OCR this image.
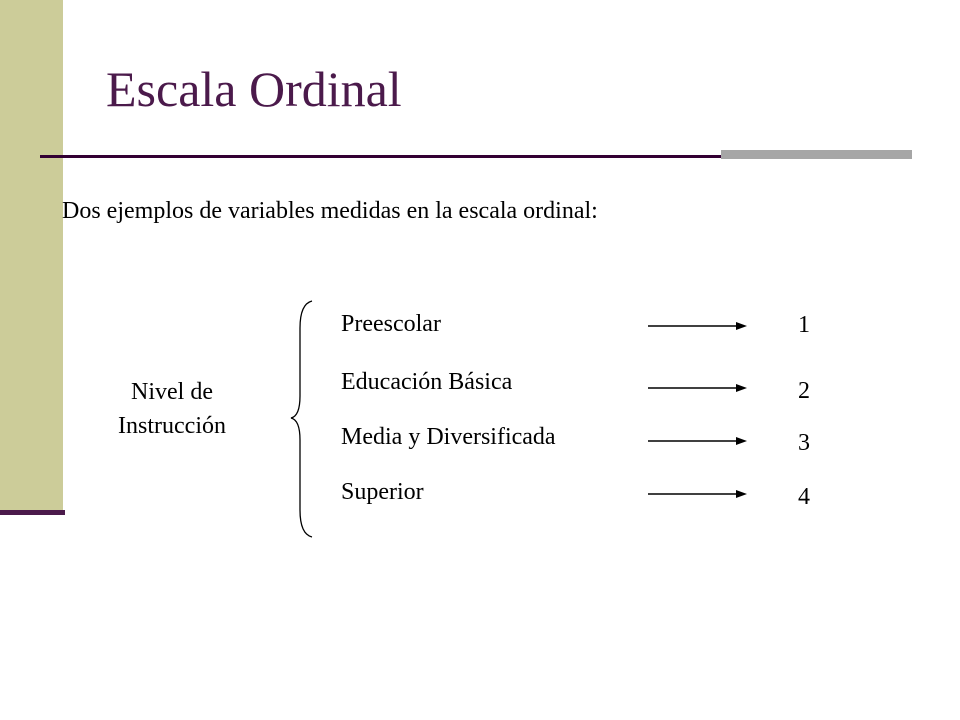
Escala Ordinal
Dos ejemplos de variables medidas en la escala ordinal:
Nivel de
Instrucción
Preescolar
Educación Básica
Media y Diversificada
Superior
1
2
3
4
